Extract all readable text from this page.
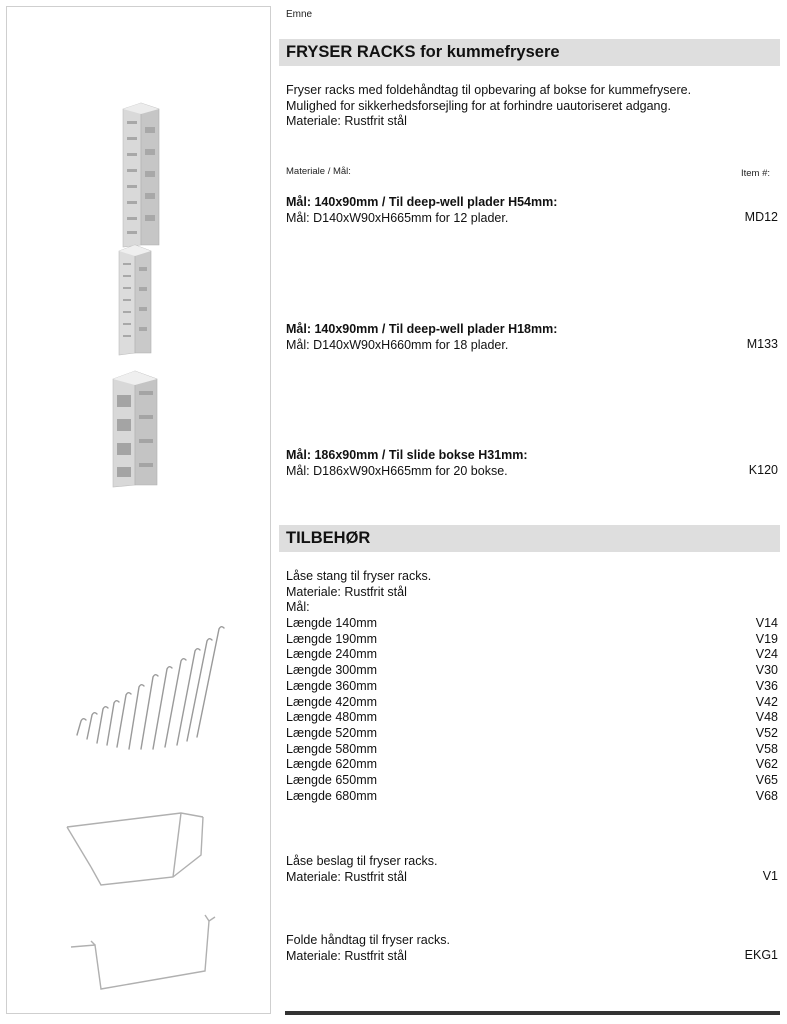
Emne
FRYSER RACKS for kummefrysere
Fryser racks med foldehåndtag til opbevaring af bokse for kummefrysere.
Mulighed for sikkerhedsforsejling for at forhindre uautoriseret adgang.
Materiale: Rustfrit stål
Materiale / Mål:	Item #:
Mål: 140x90mm / Til deep-well plader H54mm:
Mål: D140xW90xH665mm for 12 plader.	MD12
Mål: 140x90mm / Til deep-well plader H18mm:
Mål: D140xW90xH660mm for 18 plader.	M133
Mål: 186x90mm / Til slide bokse H31mm:
Mål: D186xW90xH665mm for 20 bokse.	K120
TILBEHØR
Låse stang til fryser racks.
Materiale: Rustfrit stål
Mål:
Længde 140mm	V14
Længde 190mm	V19
Længde 240mm	V24
Længde 300mm	V30
Længde 360mm	V36
Længde 420mm	V42
Længde 480mm	V48
Længde 520mm	V52
Længde 580mm	V58
Længde 620mm	V62
Længde 650mm	V65
Længde 680mm	V68
Låse beslag til fryser racks.
Materiale: Rustfrit stål	V1
Folde håndtag til fryser racks.
Materiale: Rustfrit stål	EKG1
